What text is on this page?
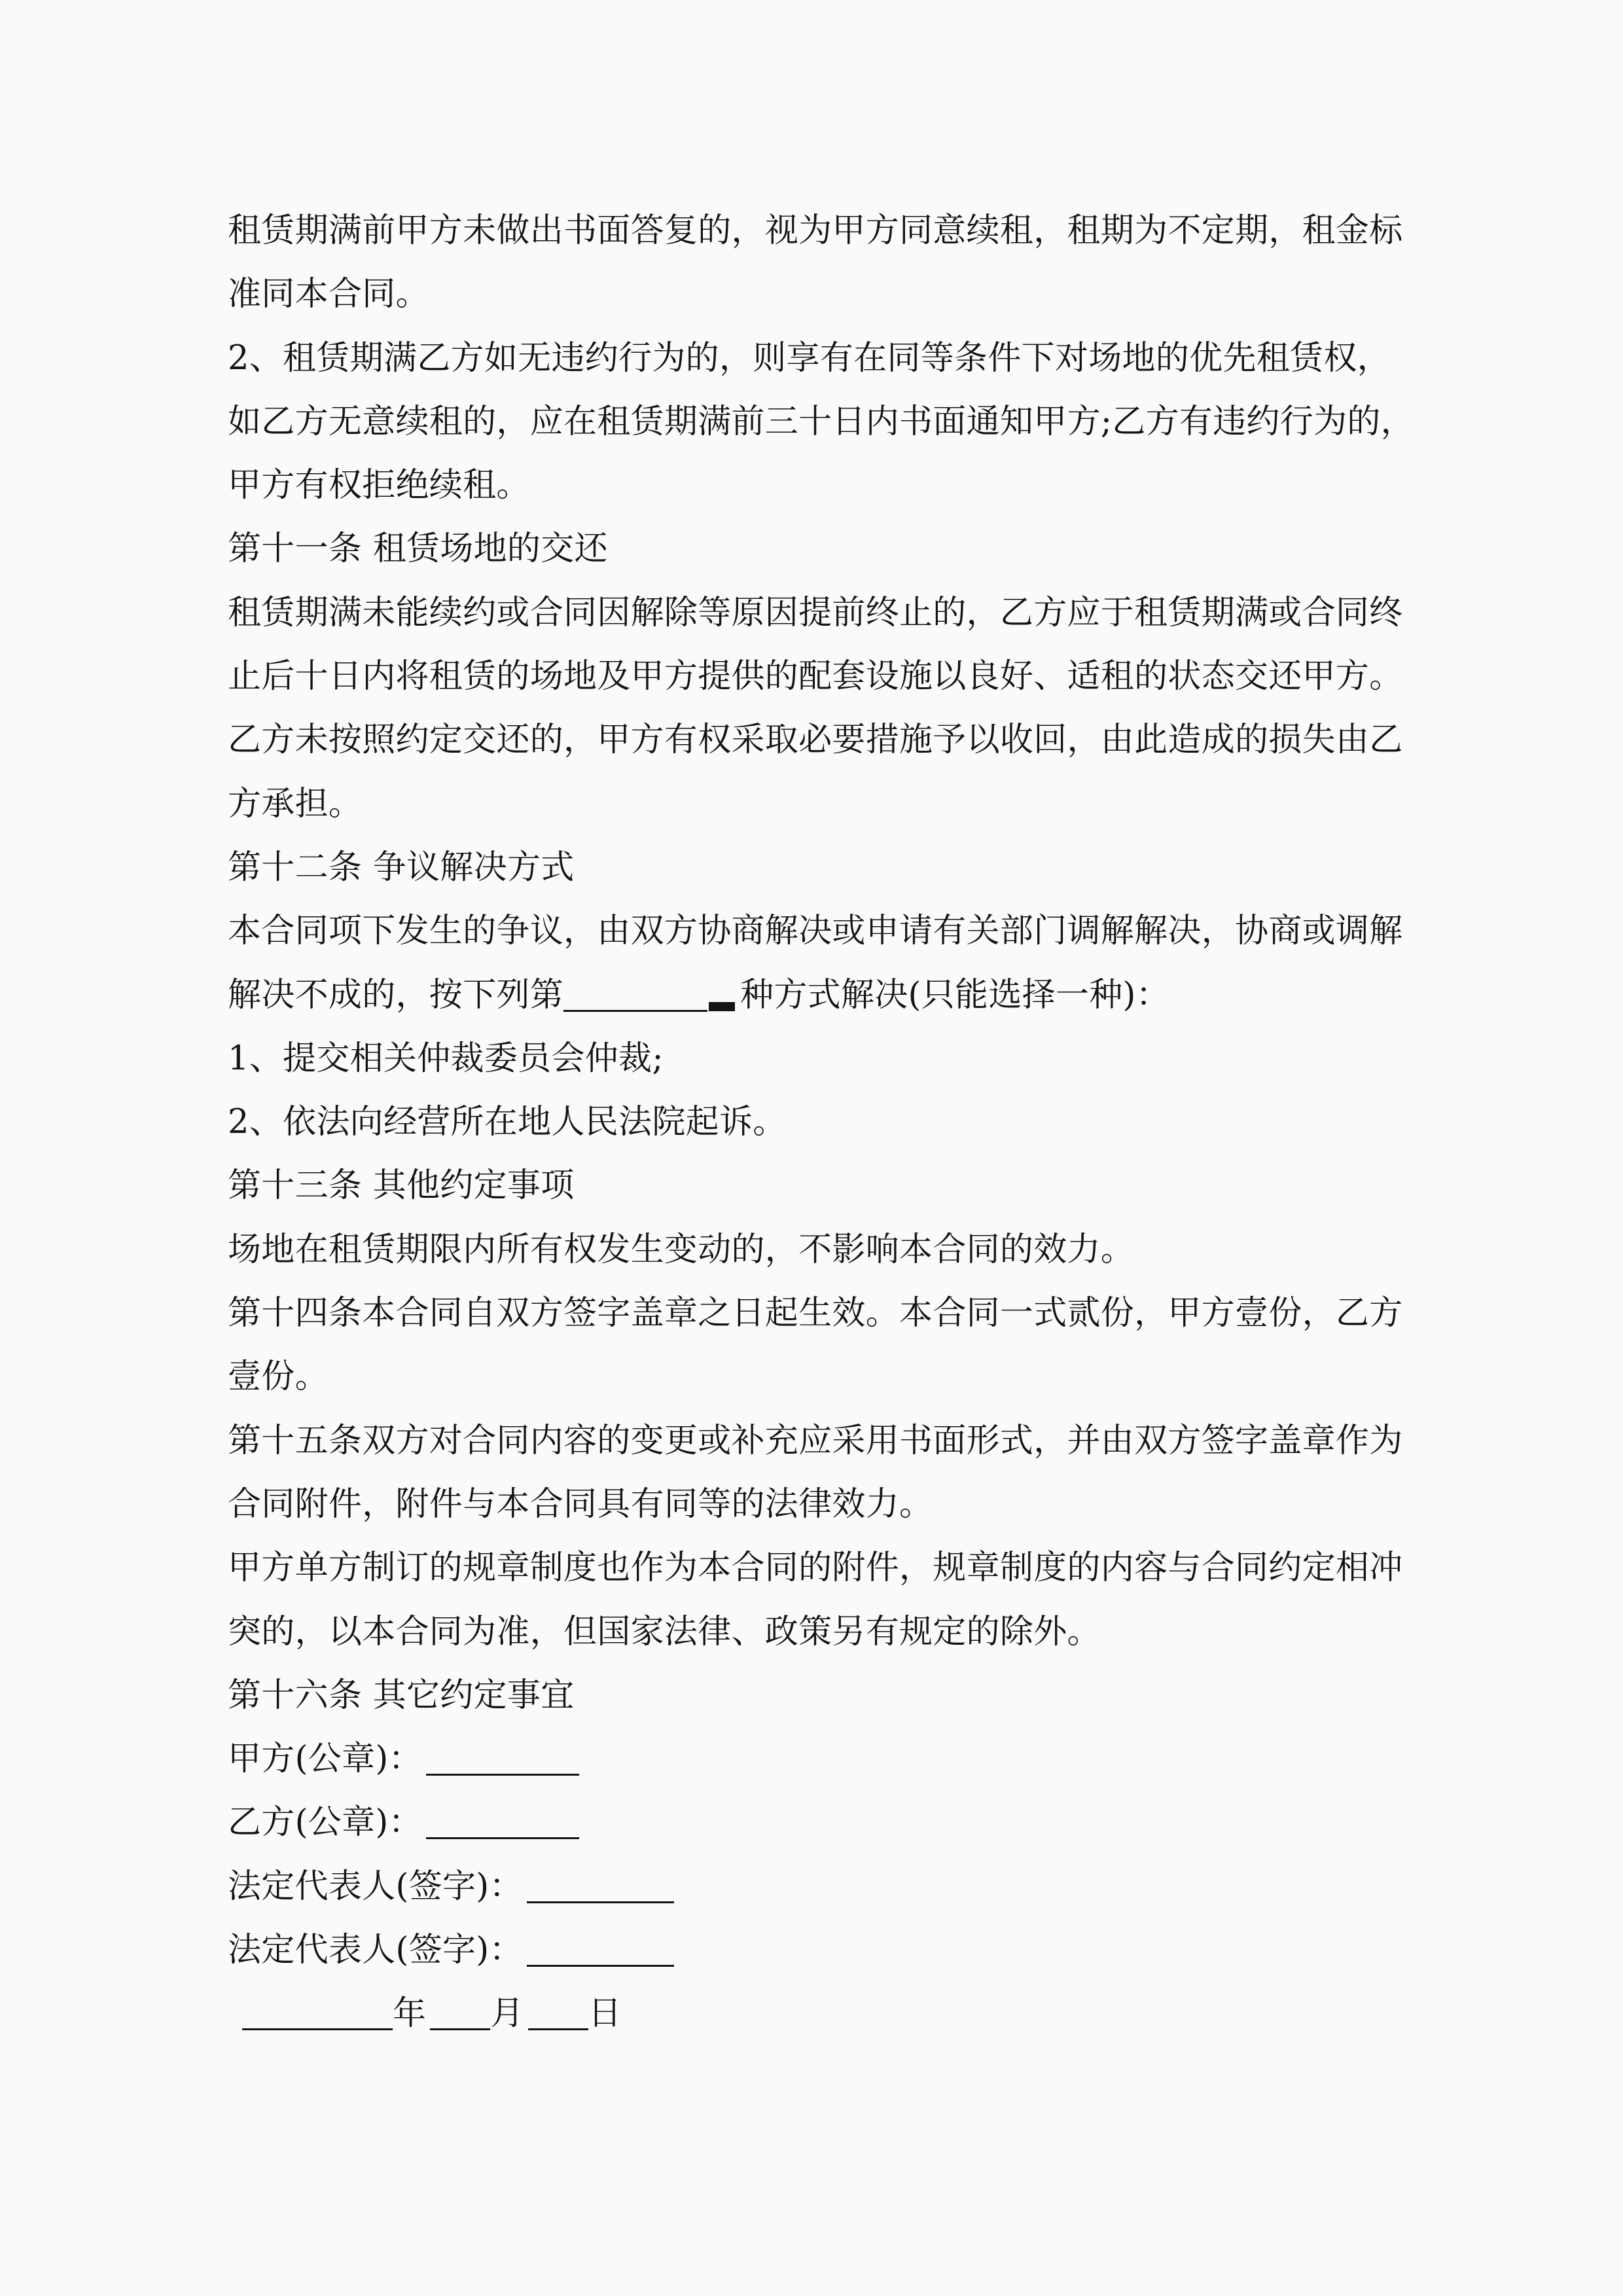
租赁期满前甲方未做出书面答复的，视为甲方同意续租，租期为不定期，租金标
准同本合同。
2、租赁期满乙方如无违约行为的，则享有在同等条件下对场地的优先租赁权，
如乙方无意续租的，应在租赁期满前三十日内书面通知甲方;乙方有违约行为的，
甲方有权拒绝续租。
第十一条 租赁场地的交还
租赁期满未能续约或合同因解除等原因提前终止的，乙方应于租赁期满或合同终
止后十日内将租赁的场地及甲方提供的配套设施以良好、适租的状态交还甲方。
乙方未按照约定交还的，甲方有权采取必要措施予以收回，由此造成的损失由乙
方承担。
第十二条 争议解决方式
本合同项下发生的争议，由双方协商解决或申请有关部门调解解决，协商或调解
解决不成的，按下列第	种方式解决(只能选择一种)：
1、提交相关仲裁委员会仲裁;
2、依法向经营所在地人民法院起诉。
第十三条 其他约定事项
场地在租赁期限内所有权发生变动的，不影响本合同的效力。
第十四条本合同自双方签字盖章之日起生效。本合同一式贰份，甲方壹份，乙方
壹份。
第十五条双方对合同内容的变更或补充应采用书面形式，并由双方签字盖章作为
合同附件，附件与本合同具有同等的法律效力。
甲方单方制订的规章制度也作为本合同的附件，规章制度的内容与合同约定相冲
突的，以本合同为准，但国家法律、政策另有规定的除外。
第十六条 其它约定事宜
甲方(公章)：
乙方(公章)：
法定代表人(签字)：
法定代表人(签字)：
年 月 日
